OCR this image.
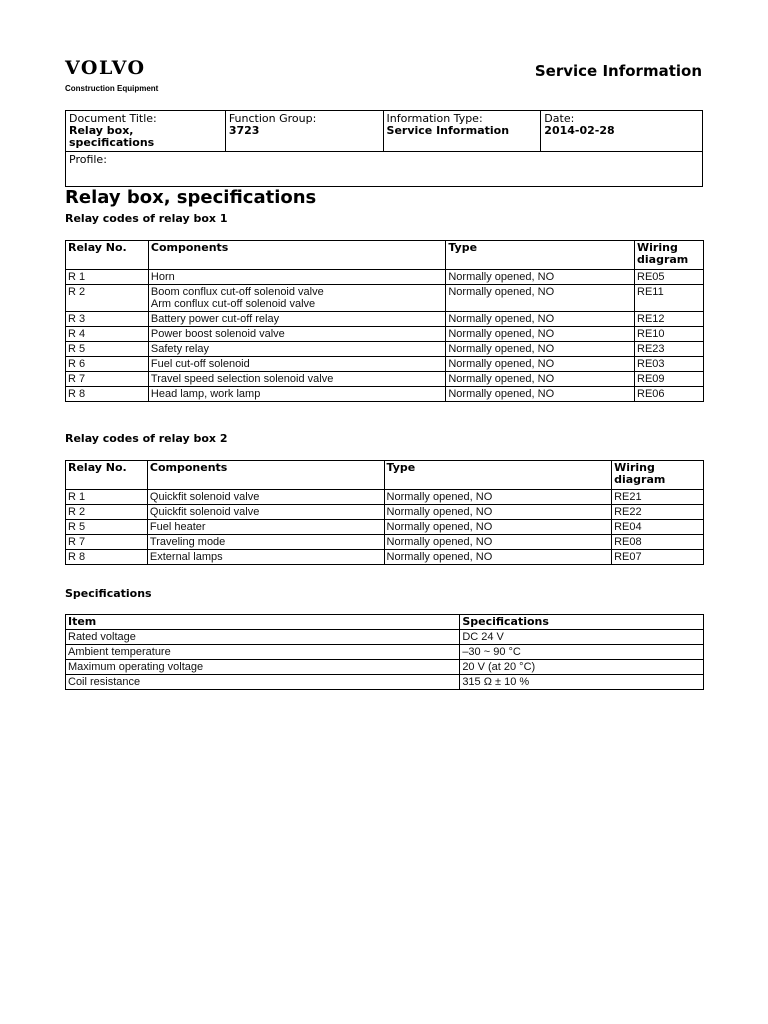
VOLVO
Construction Equipment
Service Information
Document Title:
Relay box, specifications

Function Group:
3723

Information Type:
Service Information

Date:
2014-02-28

Profile:
Relay box, specifications
Relay codes of relay box 1
Relay No.	Components	Type	Wiring diagram
R 1	Horn	Normally opened, NO	RE05
R 2	Boom conflux cut-off solenoid valve
Arm conflux cut-off solenoid valve	Normally opened, NO	RE11
R 3	Battery power cut-off relay	Normally opened, NO	RE12
R 4	Power boost solenoid valve	Normally opened, NO	RE10
R 5	Safety relay	Normally opened, NO	RE23
R 6	Fuel cut-off solenoid	Normally opened, NO	RE03
R 7	Travel speed selection solenoid valve	Normally opened, NO	RE09
R 8	Head lamp, work lamp	Normally opened, NO	RE06
Relay codes of relay box 2
Relay No.	Components	Type	Wiring diagram
R 1	Quickfit solenoid valve	Normally opened, NO	RE21
R 2	Quickfit solenoid valve	Normally opened, NO	RE22
R 5	Fuel heater	Normally opened, NO	RE04
R 7	Traveling mode	Normally opened, NO	RE08
R 8	External lamps	Normally opened, NO	RE07
Specifications
Item	Specifications
Rated voltage	DC 24 V
Ambient temperature	–30 ~ 90 °C
Maximum operating voltage	20 V (at 20 °C)
Coil resistance	315 Ω ± 10 %
